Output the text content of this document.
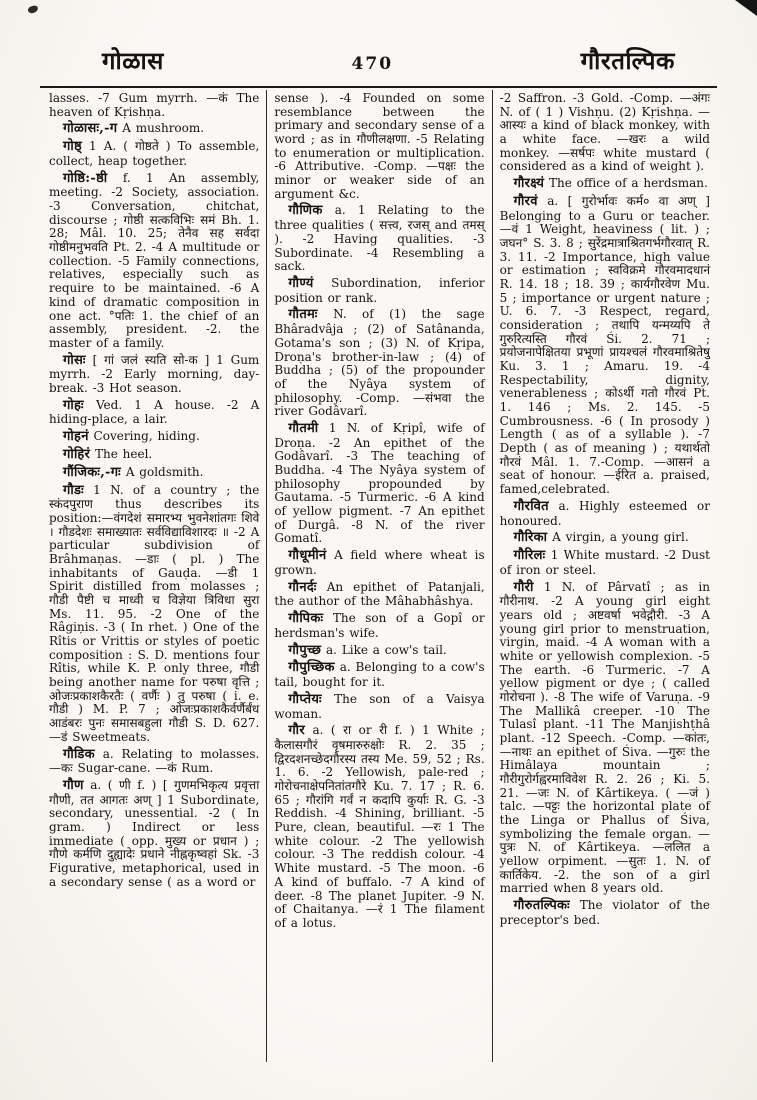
गोळास	470	गौरतल्पिक

lasses. -7 Gum myrrh. —कं The heaven of Kṛishṇa.

गोळासः,-ग A mushroom.

गोष्ठ् 1 A. ( गोष्ठते ) To assemble, collect, heap together.

गोष्ठि:-ष्ठी f. 1 An assembly, meeting. -2 Society, association. -3 Conversation, chitchat, discourse ; गोष्ठी सत्कविभिः समं Bh. 1. 28; Mâl. 10. 25; तेनैव सह सर्वदा गोष्ठीमनुभवति Pt. 2. -4 A multitude or collection. -5 Family connections, relatives, especially such as require to be maintained. -6 A kind of dramatic composition in one act. °पतिः 1. the chief of an assembly, president. -2. the master of a family.

गोसः [ गां जलं स्यति सो-क ] 1 Gum myrrh. -2 Early morning, day-break. -3 Hot season.

गोहः Ved. 1 A house. -2 A hiding-place, a lair.

गोहनं Covering, hiding.

गोहिरं The heel.

गौंजिकः,-गः A goldsmith.

गौडः 1 N. of a country ; the स्कंदपुराण thus describes its position:—वंगदेशं समारभ्य भुवनेशांतगः शिवे । गौडदेशः समाख्यातः सर्वविद्याविशारदः ॥ -2 A particular subdivision of Brâhmaṇas. —डाः ( pl. ) The inhabitants of Gauḍa. —डी 1 Spirit distilled from molasses ; गौडी पैष्टी च माध्वी च विज्ञेया त्रिविधा सुरा Ms. 11. 95. -2 One of the Râgiṇis. -3 ( In rhet. ) One of the Rîtis or Vrittis or styles of poetic composition : S. D. mentions four Rîtis, while K. P. only three, गौडी being another name for परुषा वृत्ति ; ओजःप्रकाशकैरतैः ( वर्णैः ) तु परुषा ( i. e. गौडी ) M. P. 7 ; ओजःप्रकाशकैर्वर्णैर्बंध आडंबरः पुनः समासबहुला गौडी S. D. 627. —डं Sweetmeats.

गौडिक a. Relating to molasses. —कः Sugar-cane. —कं Rum.

गौण a. ( णी f. ) [ गुणमभिकृत्य प्रवृत्ता गौणी, तत आगतः अण् ] 1 Subordinate, secondary, unessential. -2 ( In gram. ) Indirect or less immediate ( opp. मुख्य or प्रधान ) ; गौणे कर्मणि दुह्यादेः प्रधाने नीह्नकृष्वहां Sk. -3 Figurative, metaphorical, used in a secondary sense ( as a word or

sense ). -4 Founded on some resemblance between the primary and secondary sense of a word ; as in गौणीलक्षणा. -5 Relating to enumeration or multiplication. -6 Attributive. -Comp. —पक्षः the minor or weaker side of an argument &c.

गौणिक a. 1 Relating to the three qualities ( सत्त्व, रजस् and तमस् ). -2 Having qualities. -3 Subordinate. -4 Resembling a sack.

गौण्यं Subordination, inferior position or rank.

गौतमः N. of (1) the sage Bhâradvâja ; (2) of Satânanda, Gotama's son ; (3) N. of Kṛipa, Droṇa's brother-in-law ; (4) of Buddha ; (5) of the propounder of the Nyâya system of philosophy. -Comp. —संभवा the river Godâvarî.

गौतमी 1 N. of Kṛipî, wife of Droṇa. -2 An epithet of the Godâvarî. -3 The teaching of Buddha. -4 The Nyâya system of philosophy propounded by Gautama. -5 Turmeric. -6 A kind of yellow pigment. -7 An epithet of Durgâ. -8 N. of the river Gomatî.

गौधूमीनं A field where wheat is grown.

गौनर्दः An epithet of Patanjali, the author of the Mâhabhâshya.

गौपिकः The son of a Gopî or herdsman's wife.

गौपुच्छ a. Like a cow's tail.

गौपुच्छिक a. Belonging to a cow's tail, bought for it.

गौप्तेयः The son of a Vaisya woman.

गौर a. ( रा or री f. ) 1 White ; कैलासगौरं वृषमारुरुक्षोः R. 2. 35 ; द्विरदशनच्छेदगौरस्य तस्य Me. 59, 52 ; Rs. 1. 6. -2 Yellowish, pale-red ; गोरोचनाक्षेपनितांतगौरे Ku. 7. 17 ; R. 6. 65 ; गौरांगि गर्वं न कदापि कुर्याः R. G. -3 Reddish. -4 Shining, brilliant. -5 Pure, clean, beautiful. —रः 1 The white colour. -2 The yellowish colour. -3 The reddish colour. -4 White mustard. -5 The moon. -6 A kind of buffalo. -7 A kind of deer. -8 The planet Jupiter. -9 N. of Chaitanya. —रं 1 The filament of a lotus.

-2 Saffron. -3 Gold. -Comp. —अंगः N. of ( 1 ) Vishṇu. (2) Kṛishṇa. —आस्यः a kind of black monkey, with a white face. —खरः a wild monkey. —सर्षपः white mustard ( considered as a kind of weight ).

गौरक्ष्यं The office of a herdsman.

गौरवं a. [ गुरोर्भावः कर्म० वा अण् ] Belonging to a Guru or teacher. —वं 1 Weight, heaviness ( lit. ) ; जघन° S. 3. 8 ; सुरेंद्रमात्राश्रितगर्भगौरवात् R. 3. 11. -2 Importance, high value or estimation ; स्वविक्रमे गौरवमादधानं R. 14. 18 ; 18. 39 ; कार्यगौरवेण Mu. 5 ; importance or urgent nature ; U. 6. 7. -3 Respect, regard, consideration ; तथापि यन्मय्यपि ते गुरुरित्यस्ति गौरवं Śi. 2. 71 ; प्रयोजनापेक्षितया प्रभूणां प्रायश्चलं गौरवमाश्रितेषु Ku. 3. 1 ; Amaru. 19. -4 Respectability, dignity, venerableness ; कोऽर्थी गतो गौरवं Pt. 1. 146 ; Ms. 2. 145. -5 Cumbrousness. -6 ( In prosody ) Length ( as of a syllable ). -7 Depth ( as of meaning ) ; यथार्थतो गौरवं Mâl. 1. 7.-Comp. —आसनं a seat of honour. —ईरित a. praised, famed,celebrated.

गौरवित a. Highly esteemed or honoured.

गौरिका A virgin, a young girl.

गौरिलः 1 White mustard. -2 Dust of iron or steel.

गौरी 1 N. of Pârvatî ; as in गौरीनाथ. -2 A young girl eight years old ; अष्टवर्षा भवेद्गौरी. -3 A young girl prior to menstruation, virgin, maid. -4 A woman with a white or yellowish complexion. -5 The earth. -6 Turmeric. -7 A yellow pigment or dye ; ( called गोरोचना ). -8 The wife of Varuṇa. -9 The Mallikâ creeper. -10 The Tulasî plant. -11 The Manjishṭhâ plant. -12 Speech. -Comp. —कांतः, —नाथः an epithet of Śiva. —गुरुः the Himâlaya mountain ; गौरीगुरोर्गह्वरमाविवेश R. 2. 26 ; Ki. 5. 21. —जः N. of Kârtikeya. ( —जं ) talc. —पट्टः the horizontal plate of the Linga or Phallus of Śiva, symbolizing the female organ. —पुत्रः N. of Kârtikeya. —ललित a yellow orpiment. —सुतः 1. N. of कार्तिकेय. -2. the son of a girl married when 8 years old.

गौरुतल्पिकः The violator of the preceptor's bed.
